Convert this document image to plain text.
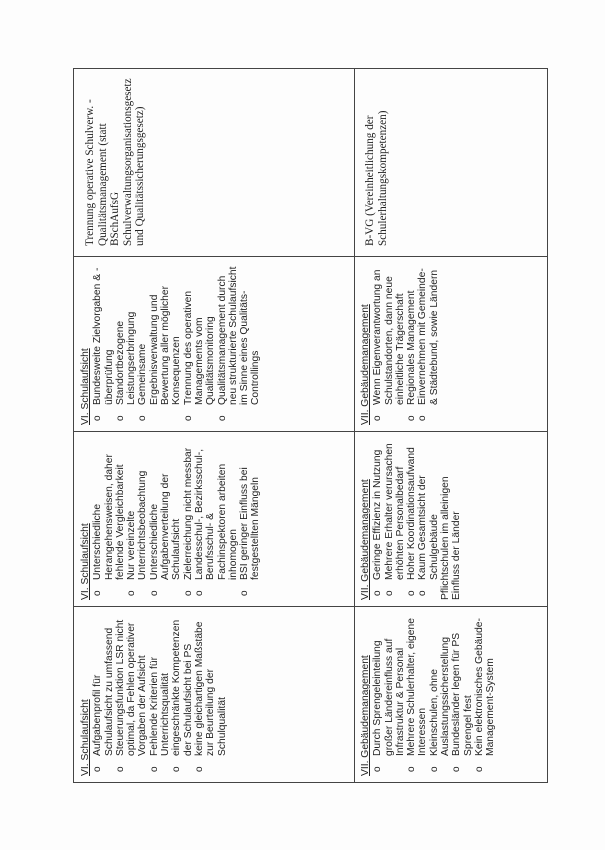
VI. Schulaufsicht o Aufgabenprofil für Schulaufsicht zu umfassend o Steuerungsfunktion LSR nicht optimal, da Fehlen operativer Vorgaben der Aufsicht o Fehlende Kriterien für Unterrichtsqualität o eingeschränkte Kompetenzen der Schulaufsicht bei PS o keine gleichartigen Maßstäbe zur Beurteilung der Schulqualität
VI. Schulaufsicht o Unterschiedliche Herangehensweisen, daher fehlende Vergleichbarkeit o Nur vereinzelte Unterrichtsbeobachtung o Unterschiedliche Aufgabenverteilung der Schulaufsicht o Zielerreichung nicht messbar o Landesschul-, Bezirksschul-, Berufsschul- & Fachinspektoren arbeiten inhomogen o BSI geringer Einfluss bei festgestellten Mängeln
VI. Schulaufsicht o Bundesweite Zielvorgaben & - überprüfung o Standortbezogene Leistungserbringung o Gemeinsame Ergebnisverwaltung und Bewertung aller möglicher Konsequenzen o Trennung des operativen Managements vom Qualitätsmonitoring o Qualitätsmanagement durch neu strukturierte Schulaufsicht im Sinne eines Qualitäts-Controllings

Trennung operative Schulverw. - Qualitätsmanagement (statt BSchAufsG Schulverwaltungsorganisationsgesetz und Qualitätssicherungsgesetz)

VII. Gebäudemanagement o Durch Sprengeleinteilung großer Ländereinfluss auf Infrastruktur & Personal o Mehrere Schulerhalter, eigene Interessen o Kleinschulen, ohne Auslastungssicherstellung o Bundesländer legen für PS Sprengel fest o Kein elektronisches Gebäude-Management-System
VII. Gebäudemanagement o Geringe Effizienz in Nutzung o Mehrere Erhalter verursachen erhöhten Personalbedarf o Hoher Koordinationsaufwand o Kaum Gesamtsicht der Schulgebäude Pflichtschulen im alleinigen Einfluss der Länder
VII. Gebäudemanagement o Wenn Eigenverantwortung an Schulstandorten, dann neue einheitliche Trägerschaft o Regionales Management o Einvernehmen mit Gemeinde- & Städtebund, sowie Ländern

B-VG (Vereinheitlichung der Schulerhaltungskompetenzen)
